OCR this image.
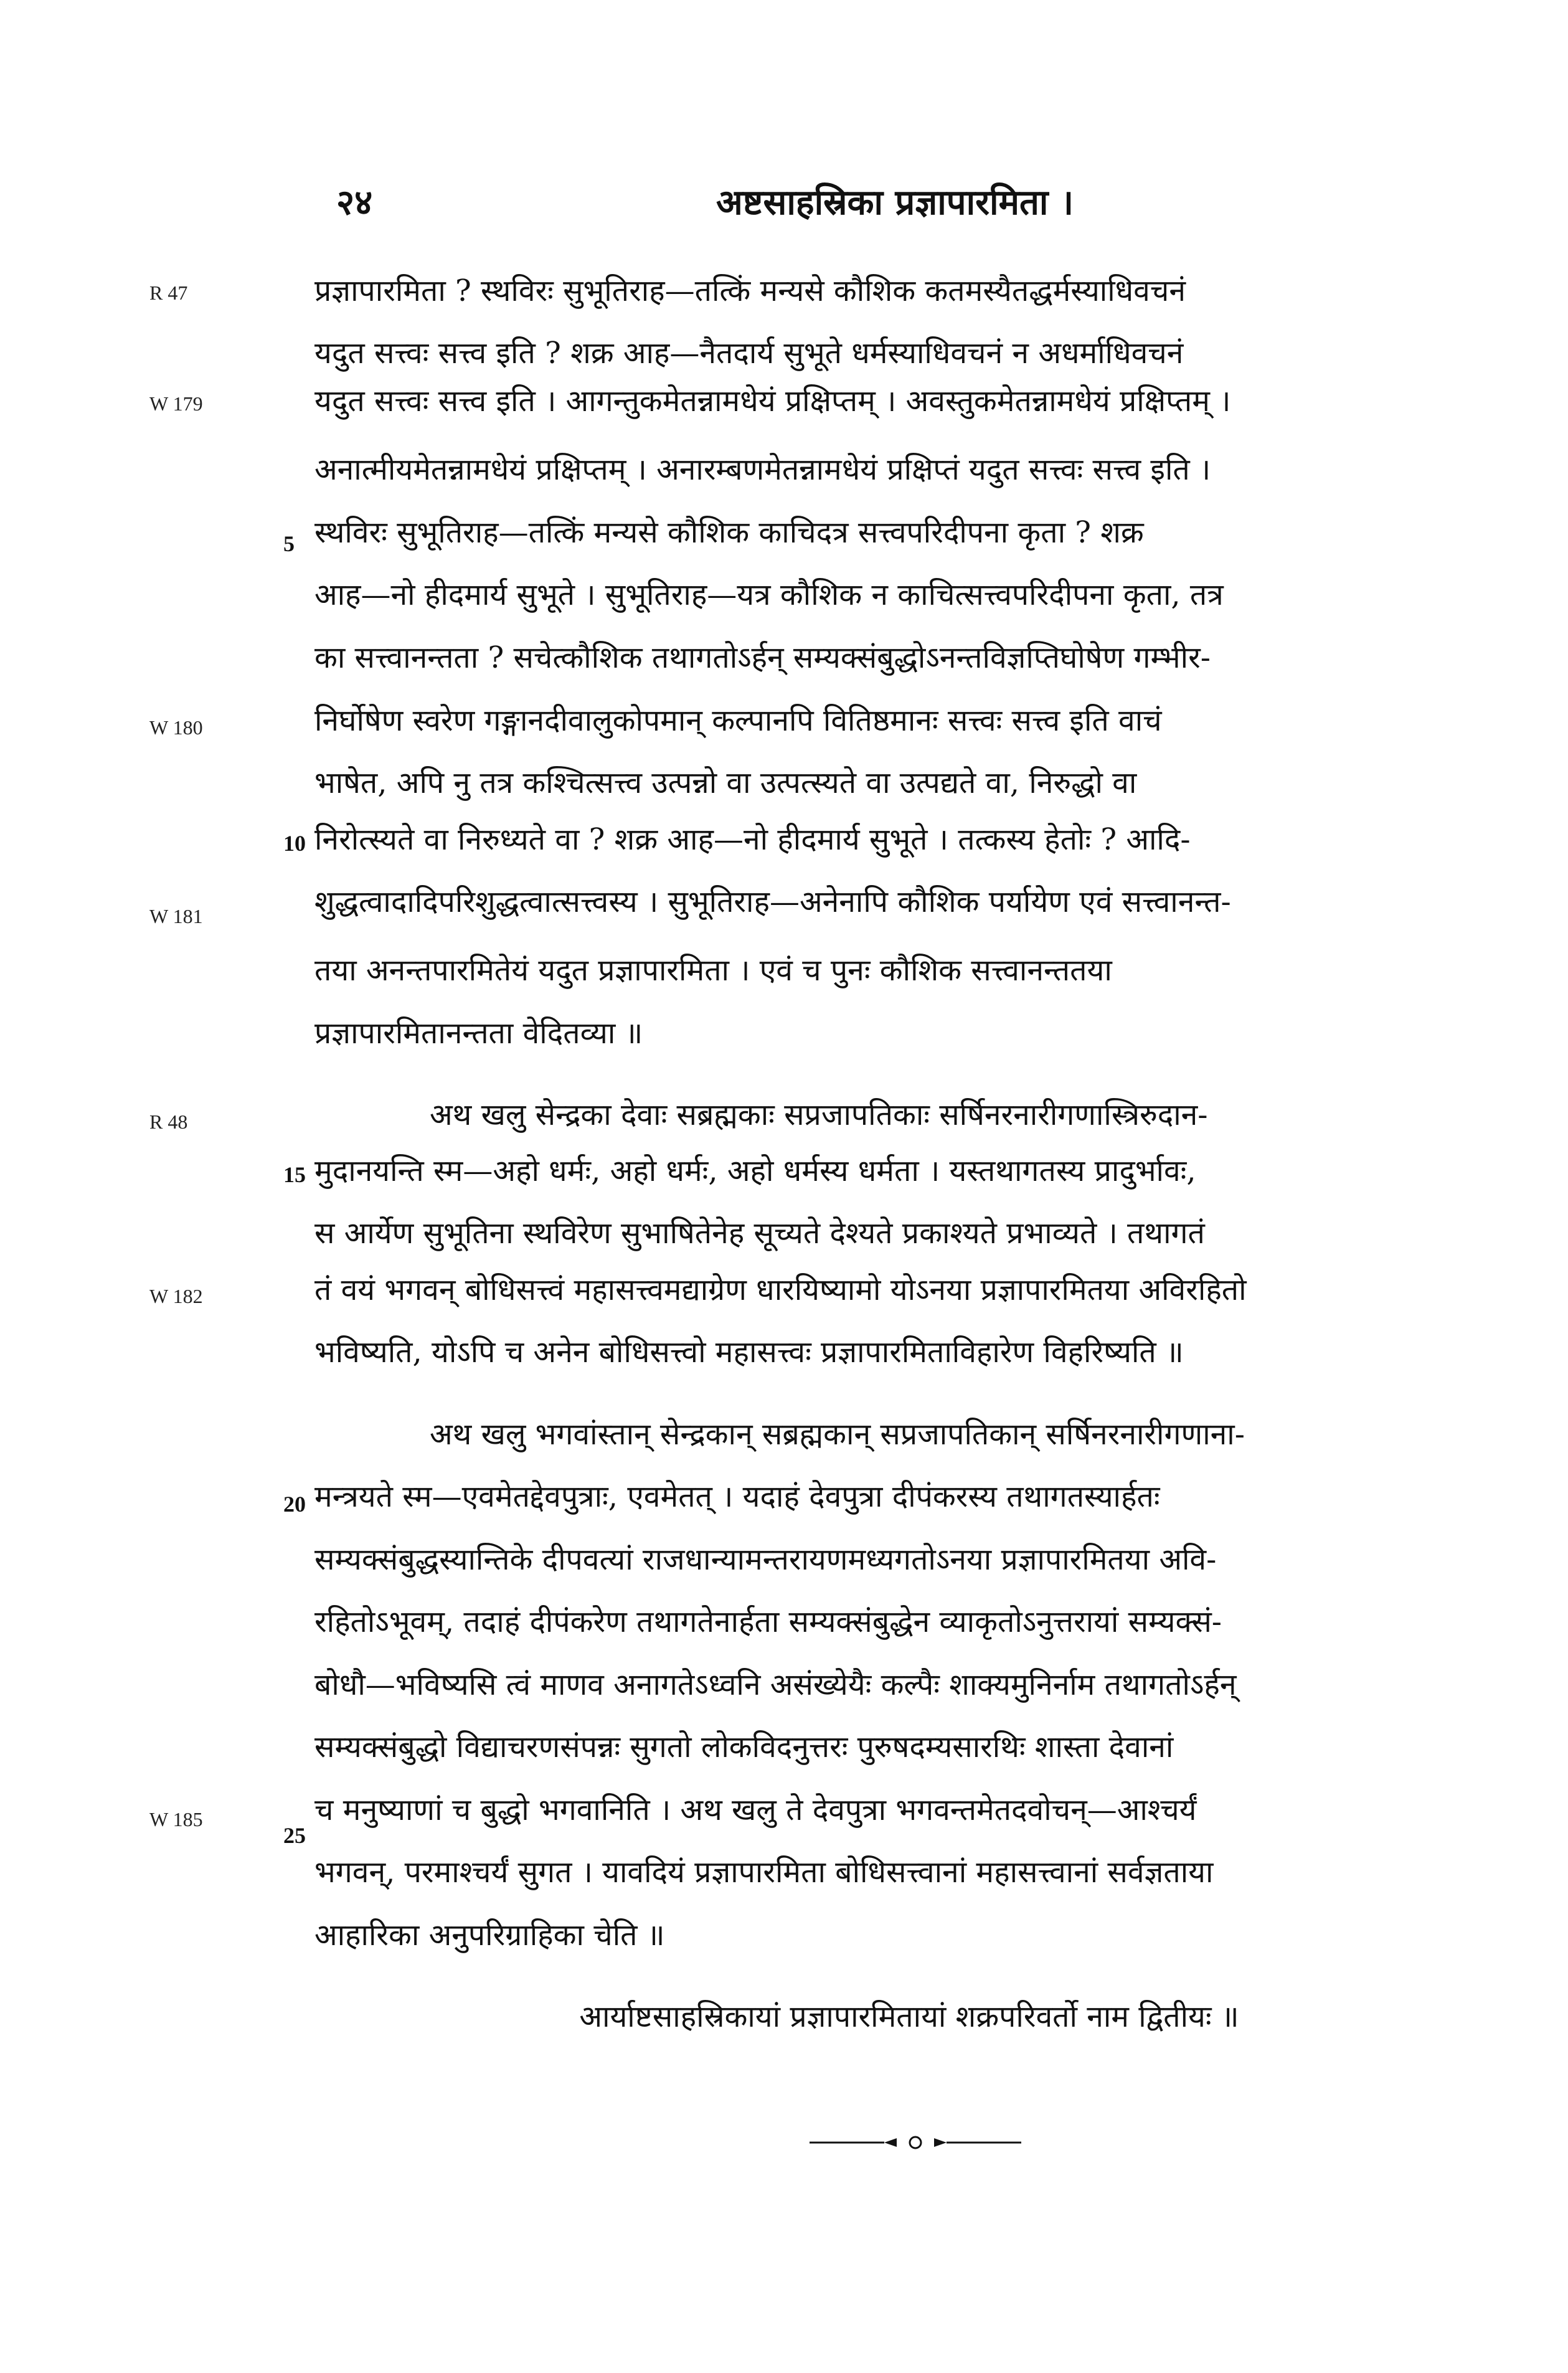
२४	अष्टसाहस्रिका प्रज्ञापारमिता ।
R 47
W 179
W 180
W 181
R 48
W 182
W 185
5
10
15
20
25
प्रज्ञापारमिता ? स्थविरः सुभूतिराह—तत्किं मन्यसे कौशिक कतमस्यैतद्धर्मस्याधिवचनं
यदुत सत्त्वः सत्त्व इति ? शक्र आह—नैतदार्य सुभूते धर्मस्याधिवचनं न अधर्माधिवचनं
यदुत सत्त्वः सत्त्व इति । आगन्तुकमेतन्नामधेयं प्रक्षिप्तम् । अवस्तुकमेतन्नामधेयं प्रक्षिप्तम् ।
अनात्मीयमेतन्नामधेयं प्रक्षिप्तम् । अनारम्बणमेतन्नामधेयं प्रक्षिप्तं यदुत सत्त्वः सत्त्व इति ।
स्थविरः सुभूतिराह—तत्किं मन्यसे कौशिक काचिदत्र सत्त्वपरिदीपना कृता ? शक्र
आह—नो हीदमार्य सुभूते । सुभूतिराह—यत्र कौशिक न काचित्सत्त्वपरिदीपना कृता, तत्र
का सत्त्वानन्तता ? सचेत्कौशिक तथागतोऽर्हन् सम्यक्संबुद्धोऽनन्तविज्ञप्तिघोषेण गम्भीर-
निर्घोषेण स्वरेण गङ्गानदीवालुकोपमान् कल्पानपि वितिष्ठमानः सत्त्वः सत्त्व इति वाचं
भाषेत, अपि नु तत्र कश्चित्सत्त्व उत्पन्नो वा उत्पत्स्यते वा उत्पद्यते वा, निरुद्धो वा
निरोत्स्यते वा निरुध्यते वा ? शक्र आह—नो हीदमार्य सुभूते । तत्कस्य हेतोः ? आदि-
शुद्धत्वादादिपरिशुद्धत्वात्सत्त्वस्य । सुभूतिराह—अनेनापि कौशिक पर्यायेण एवं सत्त्वानन्त-
तया अनन्तपारमितेयं यदुत प्रज्ञापारमिता । एवं च पुनः कौशिक सत्त्वानन्ततया
प्रज्ञापारमितानन्तता वेदितव्या ॥
अथ खलु सेन्द्रका देवाः सब्रह्मकाः सप्रजापतिकाः सर्षिनरनारीगणास्त्रिरुदान-
मुदानयन्ति स्म—अहो धर्मः, अहो धर्मः, अहो धर्मस्य धर्मता । यस्तथागतस्य प्रादुर्भावः,
स आर्येण सुभूतिना स्थविरेण सुभाषितेनेह सूच्यते देश्यते प्रकाश्यते प्रभाव्यते । तथागतं
तं वयं भगवन् बोधिसत्त्वं महासत्त्वमद्याग्रेण धारयिष्यामो योऽनया प्रज्ञापारमितया अविरहितो
भविष्यति, योऽपि च अनेन बोधिसत्त्वो महासत्त्वः प्रज्ञापारमिताविहारेण विहरिष्यति ॥
अथ खलु भगवांस्तान् सेन्द्रकान् सब्रह्मकान् सप्रजापतिकान् सर्षिनरनारीगणाना-
मन्त्रयते स्म—एवमेतद्देवपुत्राः, एवमेतत् । यदाहं देवपुत्रा दीपंकरस्य तथागतस्यार्हतः
सम्यक्संबुद्धस्यान्तिके दीपवत्यां राजधान्यामन्तरायणमध्यगतोऽनया प्रज्ञापारमितया अवि-
रहितोऽभूवम्, तदाहं दीपंकरेण तथागतेनार्हता सम्यक्संबुद्धेन व्याकृतोऽनुत्तरायां सम्यक्सं-
बोधौ—भविष्यसि त्वं माणव अनागतेऽध्वनि असंख्येयैः कल्पैः शाक्यमुनिर्नाम तथागतोऽर्हन्
सम्यक्संबुद्धो विद्याचरणसंपन्नः सुगतो लोकविदनुत्तरः पुरुषदम्यसारथिः शास्ता देवानां
च मनुष्याणां च बुद्धो भगवानिति । अथ खलु ते देवपुत्रा भगवन्तमेतदवोचन्—आश्चर्यं
भगवन्, परमाश्चर्यं सुगत । यावदियं प्रज्ञापारमिता बोधिसत्त्वानां महासत्त्वानां सर्वज्ञताया
आहारिका अनुपरिग्राहिका चेति ॥
आर्याष्टसाहस्रिकायां प्रज्ञापारमितायां शक्रपरिवर्तो नाम द्वितीयः ॥
